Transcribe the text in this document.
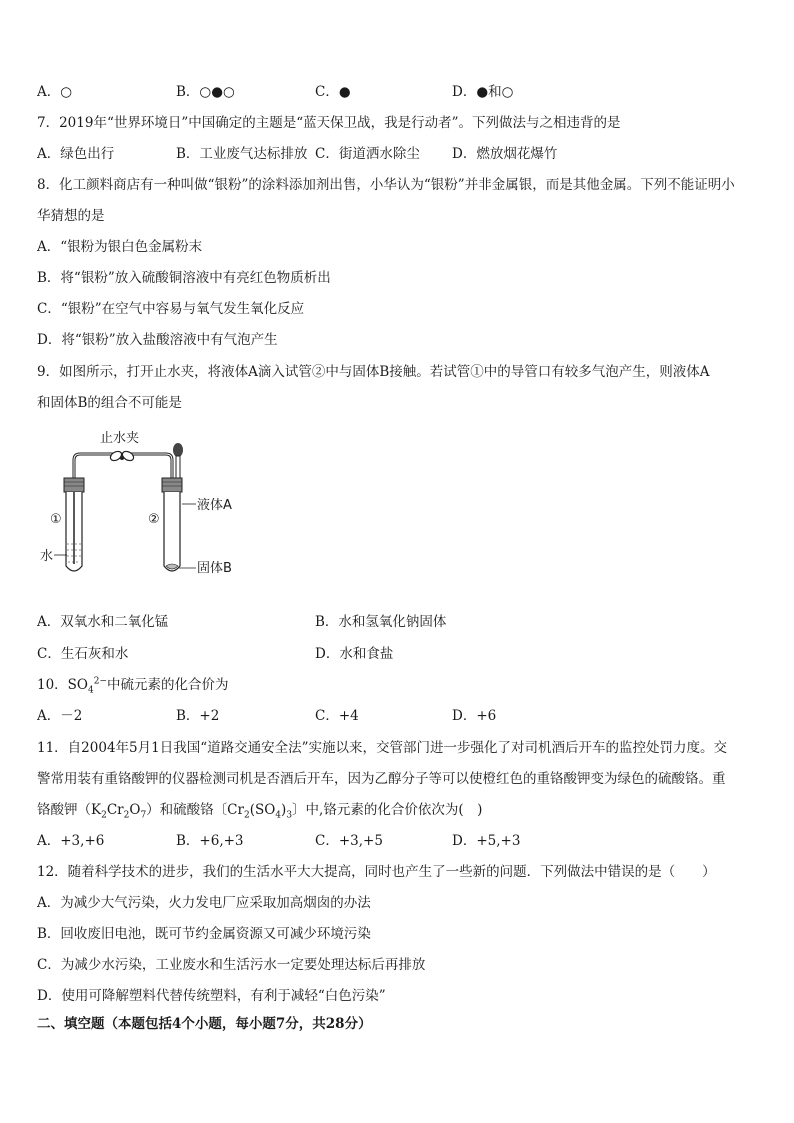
A．○	B．○●○	C．●	D．●和○
7．2019年“世界环境日”中国确定的主题是“蓝天保卫战，我是行动者”。下列做法与之相违背的是
A．绿色出行	B．工业废气达标排放 C．街道洒水除尘 D．燃放烟花爆竹
8．化工颜料商店有一种叫做“银粉”的涂料添加剂出售，小华认为“银粉”并非金属银，而是其他金属。下列不能证明小
华猜想的是
A．“银粉为银白色金属粉末
B．将“银粉”放入硫酸铜溶液中有亮红色物质析出
C．“银粉”在空气中容易与氧气发生氧化反应
D．将“银粉”放入盐酸溶液中有气泡产生
9．如图所示，打开止水夹，将液体A滴入试管②中与固体B接触。若试管①中的导管口有较多气泡产生，则液体A
和固体B的组合不可能是
止水夹
①
水
②
液体A
固体B
A．双氧水和二氧化锰	B．水和氢氧化钠固体
C．生石灰和水	D．水和食盐
10．$SO_4^{2-}$中硫元素的化合价为
A．－2	B．+2	C．+4	D．+6
11．自2004年5月1日我国“道路交通安全法”实施以来，交管部门进一步强化了对司机酒后开车的监控处罚力度。交
警常用装有重铬酸钾的仪器检测司机是否酒后开车，因为乙醇分子等可以使橙红色的重铬酸钾变为绿色的硫酸铬。重
铬酸钾$(K_2Cr_2O_7)$和硫酸铬〔$Cr_2(SO_4)_3$〕中,铬元素的化合价依次为(　)
A．+3,+6	B．+6,+3	C．+3,+5	D．+5,+3
12．随着科学技术的进步，我们的生活水平大大提高，同时也产生了一些新的问题．下列做法中错误的是（　　）
A．为减少大气污染，火力发电厂应采取加高烟囱的办法
B．回收废旧电池，既可节约金属资源又可减少环境污染
C．为减少水污染，工业废水和生活污水一定要处理达标后再排放
D．使用可降解塑料代替传统塑料，有利于减轻“白色污染”
二、填空题（本题包括4个小题，每小题7分，共28分）
